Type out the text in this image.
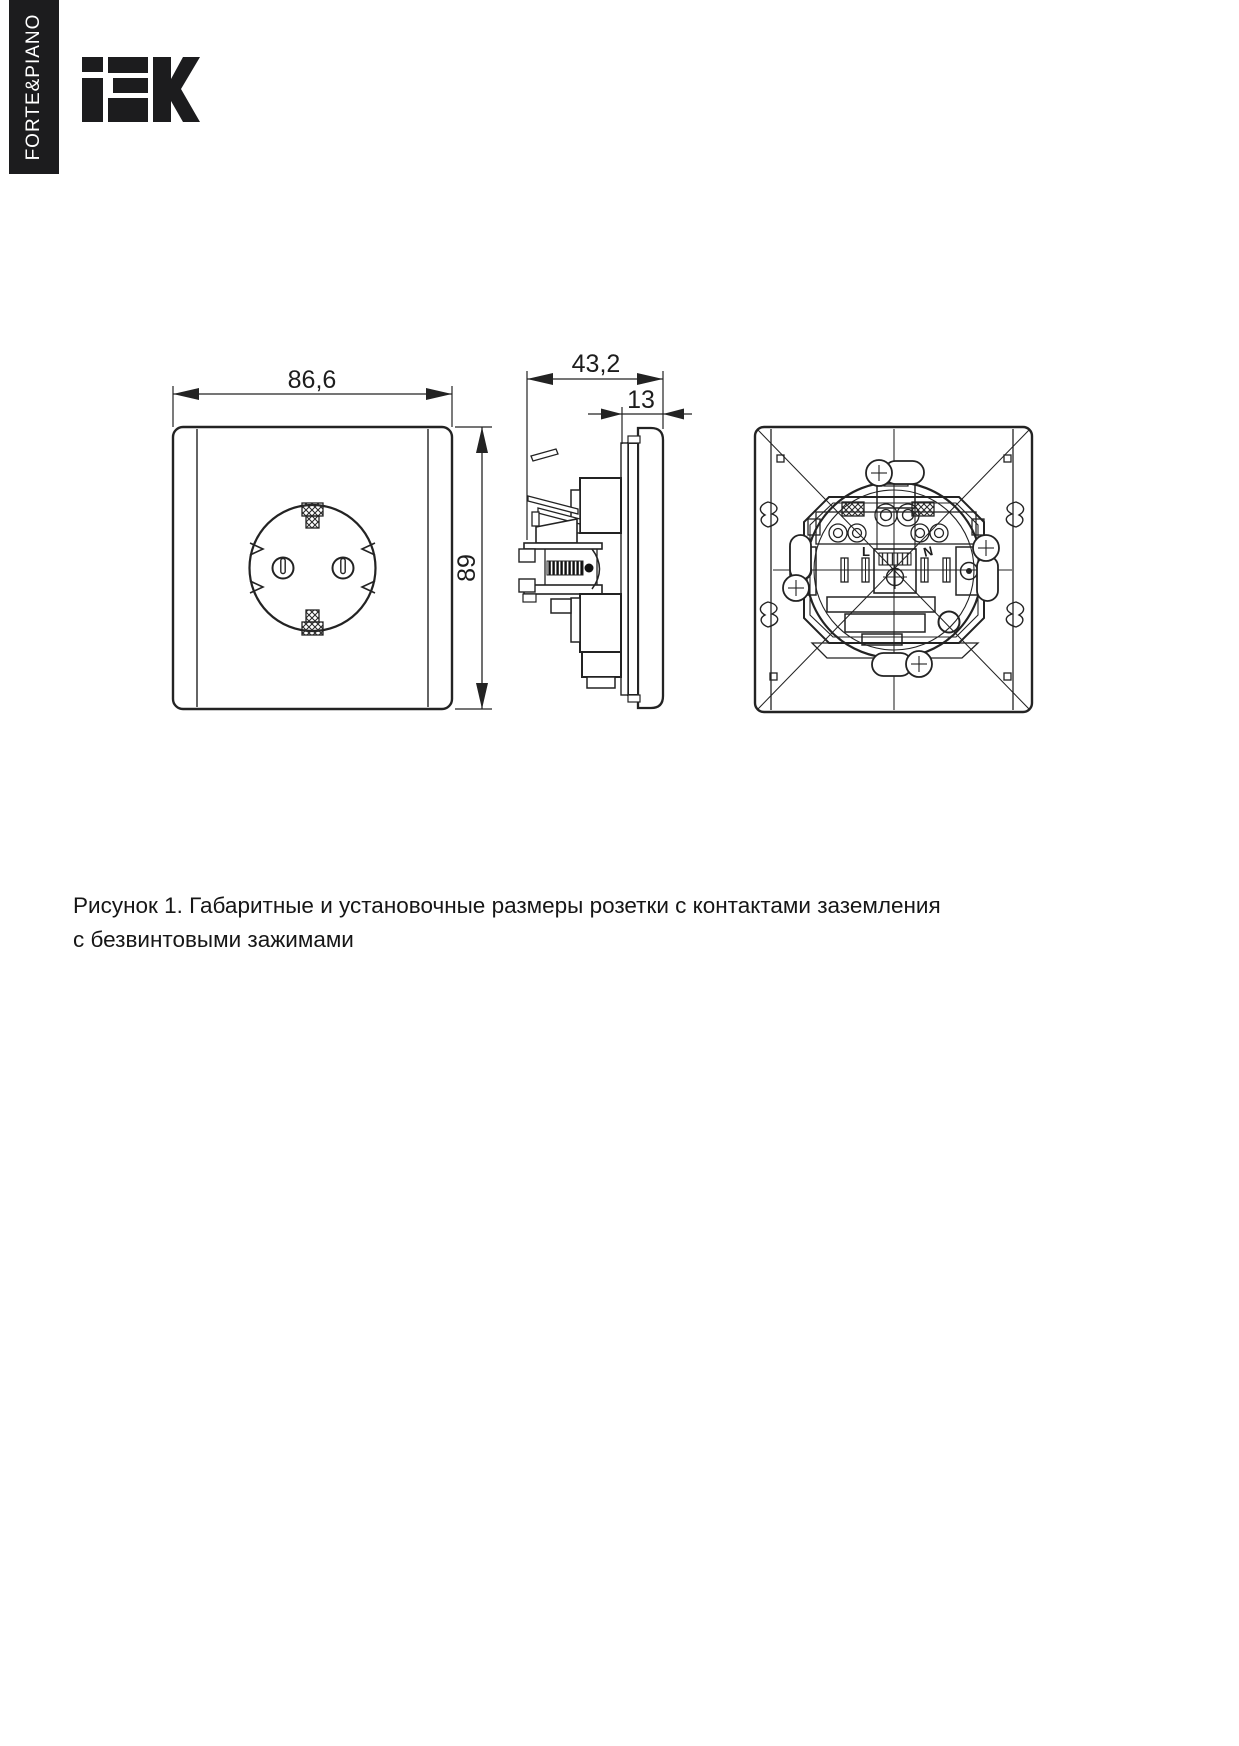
FORTE&PIANO
86,6
89
43,2
13
L	N
Рисунок 1. Габаритные и установочные размеры розетки с контактами заземления
с безвинтовыми зажимами
